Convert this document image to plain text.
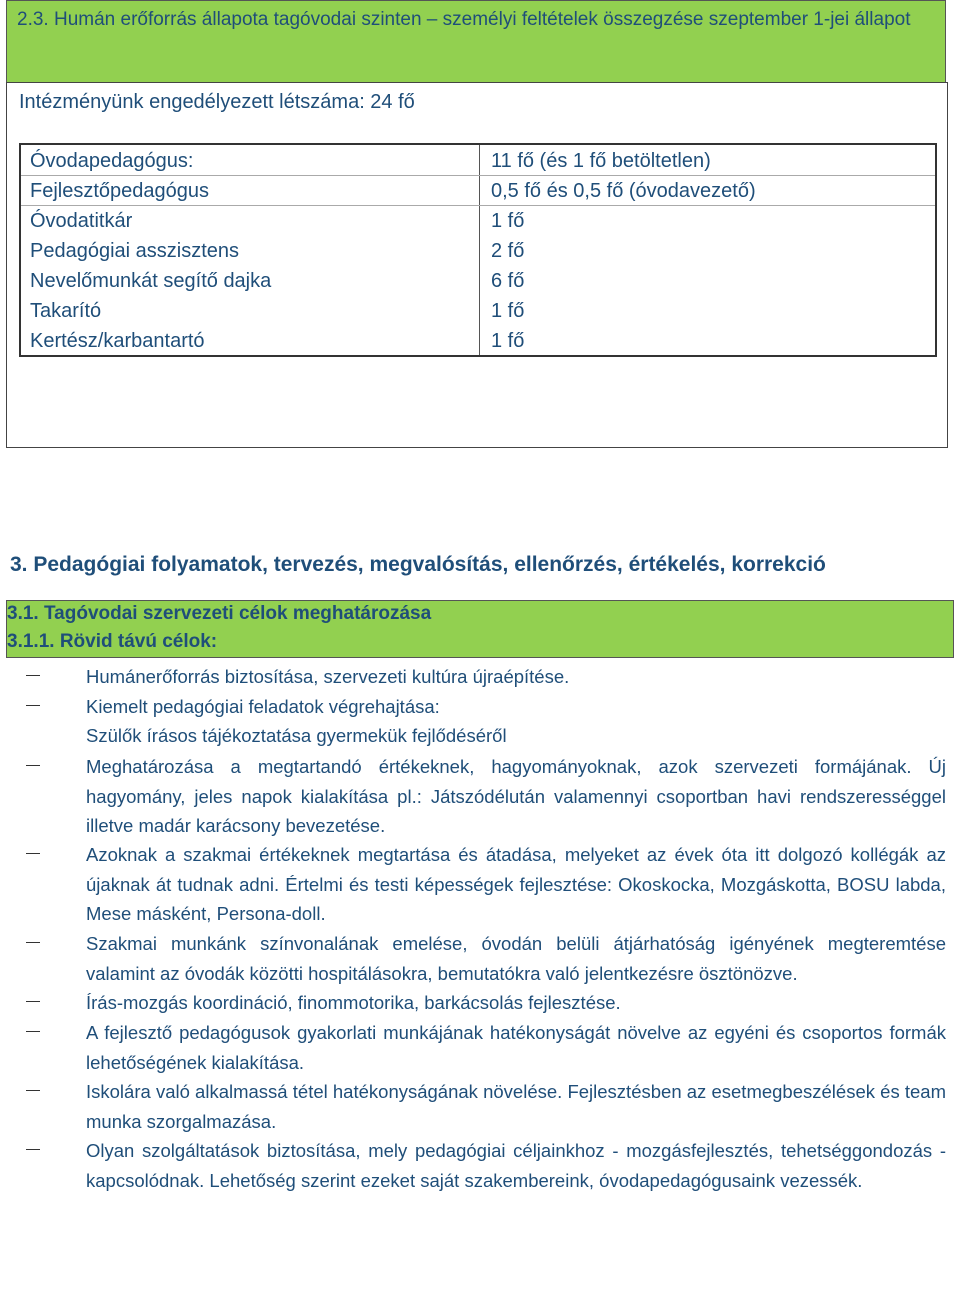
2.3. Humán erőforrás állapota tagóvodai szinten – személyi feltételek összegzése szeptember 1-jei állapot
Intézményünk engedélyezett létszáma: 24 fő
Óvodapedagógus:	11 fő (és 1 fő betöltetlen)
Fejlesztőpedagógus	0,5 fő és 0,5 fő (óvodavezető)
Óvodatitkár	1 fő
Pedagógiai asszisztens	2 fő
Nevelőmunkát segítő dajka	6 fő
Takarító	1 fő
Kertész/karbantartó	1 fő
3. Pedagógiai folyamatok, tervezés, megvalósítás, ellenőrzés, értékelés, korrekció
3.1. Tagóvodai szervezeti célok meghatározása
3.1.1. Rövid távú célok:
Humánerőforrás biztosítása, szervezeti kultúra újraépítése.
Kiemelt pedagógiai feladatok végrehajtása:
Szülők írásos tájékoztatása gyermekük fejlődéséről
Meghatározása a megtartandó értékeknek, hagyományoknak, azok szervezeti formájának. Új hagyomány, jeles napok kialakítása pl.: Játszódélután valamennyi csoportban havi rendszerességgel illetve madár karácsony bevezetése.
Azoknak a szakmai értékeknek megtartása és átadása, melyeket az évek óta itt dolgozó kollégák az újaknak át tudnak adni. Értelmi és testi képességek fejlesztése: Okoskocka, Mozgáskotta, BOSU labda, Mese másként, Persona-doll.
Szakmai munkánk színvonalának emelése, óvodán belüli átjárhatóság igényének megteremtése valamint az óvodák közötti hospitálásokra, bemutatókra való jelentkezésre ösztönözve.
Írás-mozgás koordináció, finommotorika, barkácsolás fejlesztése.
A fejlesztő pedagógusok gyakorlati munkájának hatékonyságát növelve az egyéni és csoportos formák lehetőségének kialakítása.
Iskolára való alkalmassá tétel hatékonyságának növelése. Fejlesztésben az esetmegbeszélések és team munka szorgalmazása.
Olyan szolgáltatások biztosítása, mely pedagógiai céljainkhoz - mozgásfejlesztés, tehetséggondozás - kapcsolódnak. Lehetőség szerint ezeket saját szakembereink, óvodapedagógusaink vezessék.
